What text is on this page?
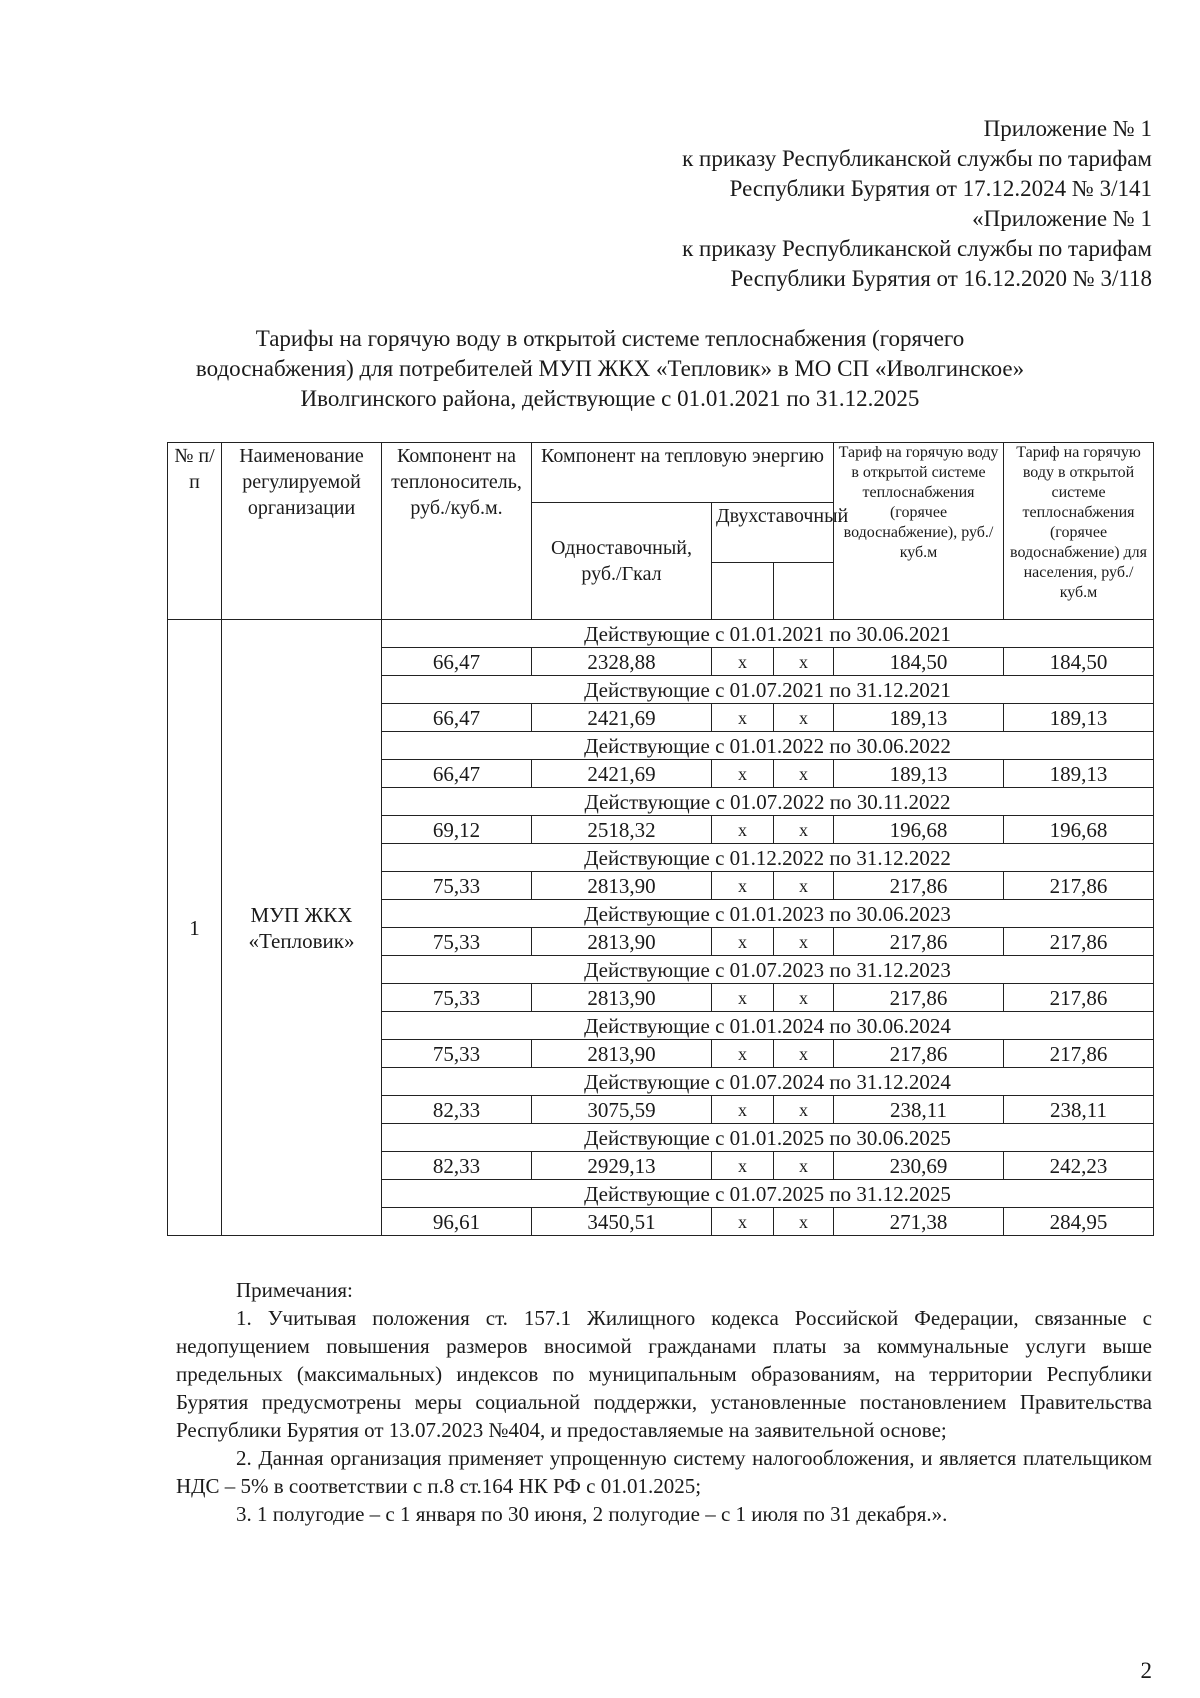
Приложение № 1
к приказу Республиканской службы по тарифам
Республики Бурятия от 17.12.2024 № 3/141
«Приложение № 1
к приказу Республиканской службы по тарифам
Республики Бурятия от 16.12.2020 № 3/118
Тарифы на горячую воду в открытой системе теплоснабжения (горячего
водоснабжения) для потребителей МУП ЖКХ «Тепловик» в МО СП «Иволгинское»
Иволгинского района, действующие с 01.01.2021 по 31.12.2025
№ п/п	Наименование регулируемой организации	Компонент на теплоноситель, руб./куб.м.	Компонент на тепловую энергию			Тариф на горячую воду в открытой системе теплоснабжения (горячее водоснабжение), руб./куб.м	Тариф на горячую воду в открытой системе теплоснабжения (горячее водоснабжение) для населения, руб./куб.м
			Одноставочный, руб./Гкал	Двухставочный			

1	МУП ЖКХ «Тепловик»	Действующие с 01.01.2021 по 30.06.2021					
		66,47	2328,88	х	х	184,50	184,50
		Действующие с 01.07.2021 по 31.12.2021					
		66,47	2421,69	х	х	189,13	189,13
		Действующие с 01.01.2022 по 30.06.2022					
		66,47	2421,69	х	х	189,13	189,13
		Действующие с 01.07.2022 по 30.11.2022					
		69,12	2518,32	х	х	196,68	196,68
		Действующие с 01.12.2022 по 31.12.2022					
		75,33	2813,90	х	х	217,86	217,86
		Действующие с 01.01.2023 по 30.06.2023					
		75,33	2813,90	х	х	217,86	217,86
		Действующие с 01.07.2023 по 31.12.2023					
		75,33	2813,90	х	х	217,86	217,86
		Действующие с 01.01.2024 по 30.06.2024					
		75,33	2813,90	х	х	217,86	217,86
		Действующие с 01.07.2024 по 31.12.2024					
		82,33	3075,59	х	х	238,11	238,11
		Действующие с 01.01.2025 по 30.06.2025					
		82,33	2929,13	х	х	230,69	242,23
		Действующие с 01.07.2025 по 31.12.2025					
		96,61	3450,51	х	х	271,38	284,95
Примечания:

1. Учитывая положения ст. 157.1 Жилищного кодекса Российской Федерации, связанные с недопущением повышения размеров вносимой гражданами платы за коммунальные услуги выше предельных (максимальных) индексов по муниципальным образованиям, на территории Республики Бурятия предусмотрены меры социальной поддержки, установленные постановлением Правительства Республики Бурятия от 13.07.2023 №404, и предоставляемые на заявительной основе;

2. Данная организация применяет упрощенную систему налогообложения, и является плательщиком НДС – 5% в соответствии с п.8 ст.164 НК РФ с 01.01.2025;

3. 1 полугодие – с 1 января по 30 июня, 2 полугодие – с 1 июля по 31 декабря.».

2
